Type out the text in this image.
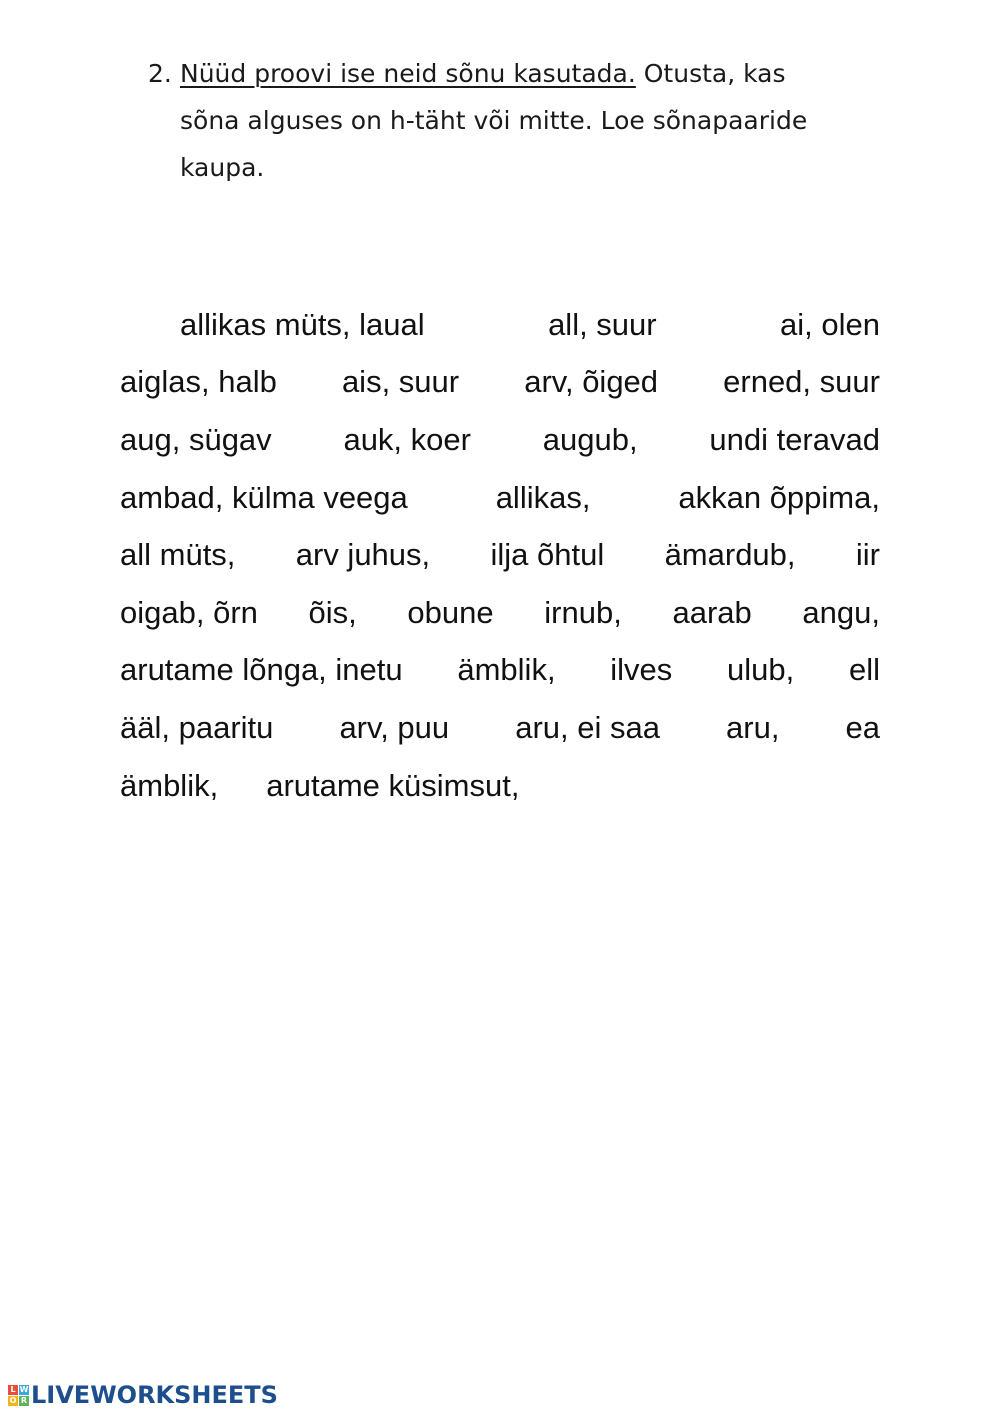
2. Nüüd proovi ise neid sõnu kasutada. Otusta, kas
sõna alguses on h-täht või mitte. Loe sõnapaaride
kaupa.
allikas müts, laual	all, suur	ai, olen
aiglas, halb ais, suur arv, õiged erned, suur
aug, sügav auk, koer augub, undi teravad
ambad, külma veega	allikas,	akkan õppima,
all müts, arv juhus, ilja õhtul ämardub, iir
oigab, õrn õis, obune irnub, aarab angu,
arutame lõnga, inetu ämblik, ilves ulub, ell
ääl, paaritu arv, puu aru, ei saa aru, ea
ämblik, arutame küsimsut,
L W
O R LIVEWORKSHEETS
